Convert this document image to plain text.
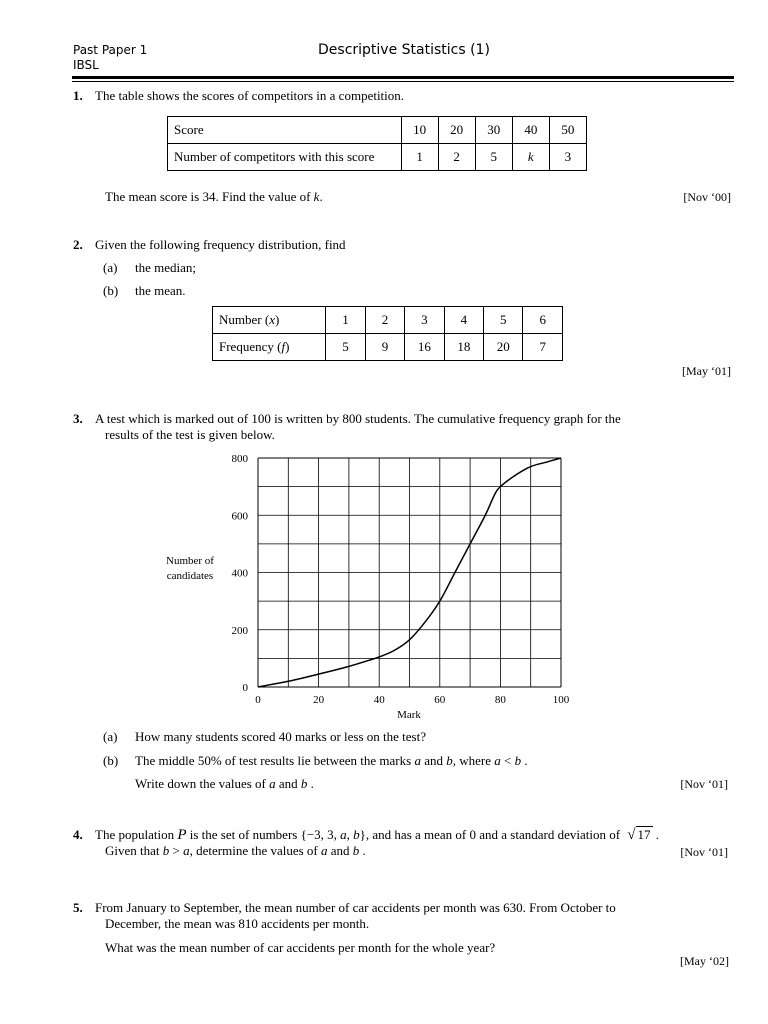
Past Paper 1
IBSL
Descriptive Statistics (1)
1. The table shows the scores of competitors in a competition.
Score	10	20	30	40	50
Number of competitors with this score	1	2	5	k	3
The mean score is 34. Find the value of k.	[Nov ‘00]
2. Given the following frequency distribution, find
(a) the median;
(b) the mean.
Number (x)	1	2	3	4	5	6
Frequency (f)	5	9	16	18	20	7
[May ‘01]
3. A test which is marked out of 100 is written by 800 students. The cumulative frequency graph for the
results of the test is given below.
0	20	40	60	80	100
0
200
400
600
800
Number of
candidates
Mark
(a) How many students scored 40 marks or less on the test?
(b) The middle 50% of test results lie between the marks a and b, where a < b .
Write down the values of a and b .	[Nov ‘01]
4. The population P is the set of numbers {−3, 3, a, b}, and has a mean of 0 and a standard deviation of √ 17 .
Given that b > a, determine the values of a and b .	[Nov ‘01]
5. From January to September, the mean number of car accidents per month was 630. From October to
December, the mean was 810 accidents per month.
What was the mean number of car accidents per month for the whole year?
[May ‘02]
